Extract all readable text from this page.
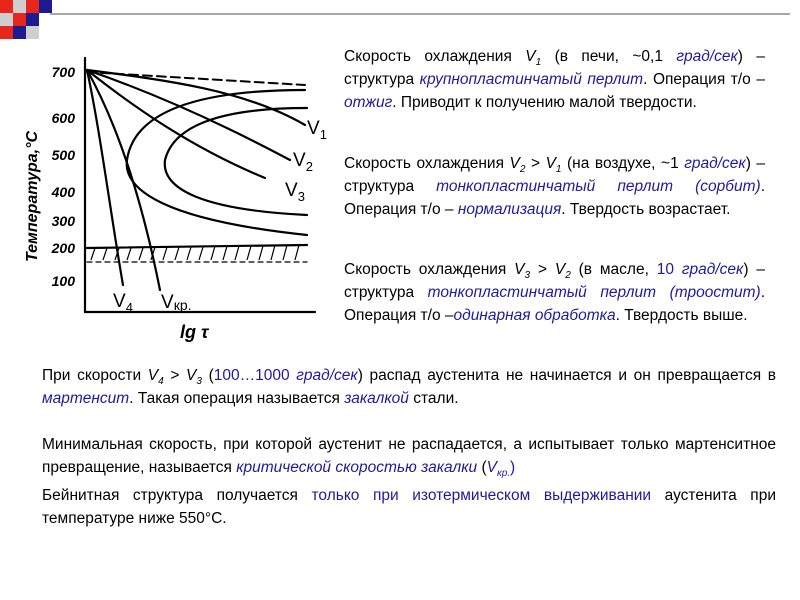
700
600
500
400
300
200
100
Температура,°С
lg τ
$V_1$
$V_2$
$V_3$
$V_4$ Vкр.
Скорость охлаждения $V_1$ (в печи, ~0,1 град/сек) – структура крупнопластинчатый перлит. Операция т/о – отжиг. Приводит к получению малой твердости.
Скорость охлаждения $V_2 > V_1$ (на воздухе, ~1 град/сек) – структура тонкопластинчатый перлит (сорбит). Операция т/о – нормализация. Твердость возрастает.
Скорость охлаждения $V_3 > V_2$ (в масле, 10 град/сек) – структура тонкопластинчатый перлит (троостит). Операция т/о –одинарная обработка. Твердость выше.
При скорости $V_4 > V_3$ (100…1000 град/сек) распад аустенита не начинается и он превращается в мартенсит. Такая операция называется закалкой стали.
Минимальная скорость, при которой аустенит не распадается, а испытывает только мартенситное превращение, называется критической скоростью закалки $(V_{кр.})$
Бейнитная структура получается только при изотермическом выдерживании аустенита при температуре ниже 550°С.
